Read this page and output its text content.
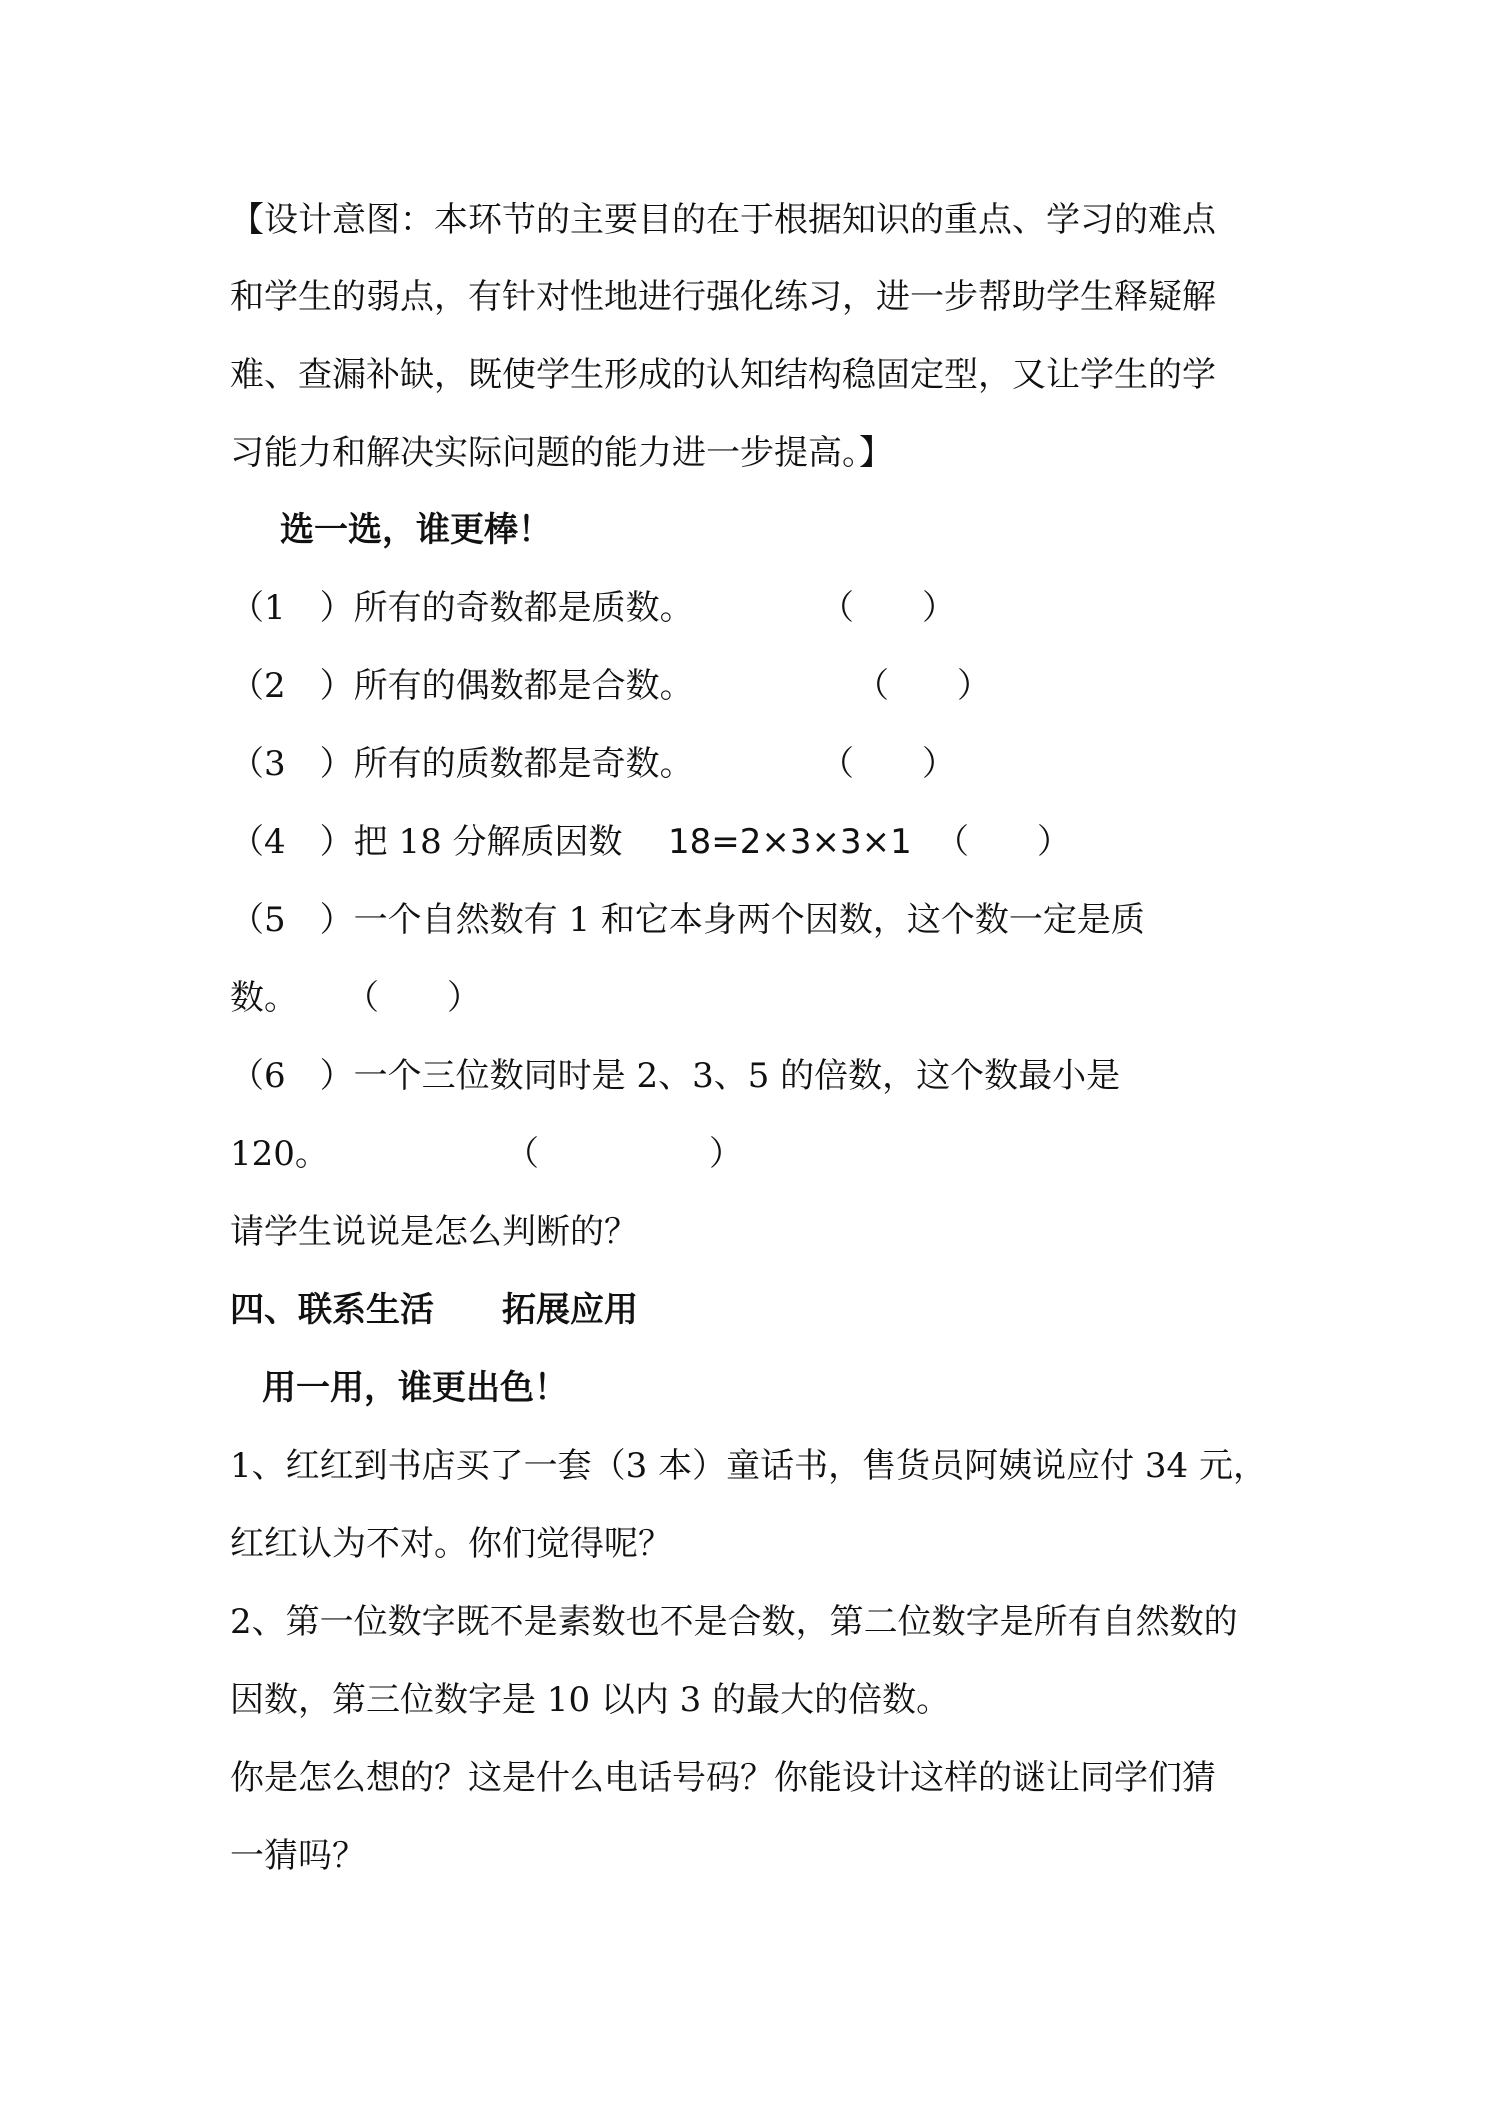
【设计意图：本环节的主要目的在于根据知识的重点、学习的难点
和学生的弱点，有针对性地进行强化练习，进一步帮助学生释疑解
难、查漏补缺，既使学生形成的认知结构稳固定型，又让学生的学
习能力和解决实际问题的能力进一步提高。】
选一选，谁更棒！
（1　）所有的奇数都是质数。	（　　）
（2　）所有的偶数都是合数。	（　　）
（3　）所有的质数都是奇数。	（　　）
（4　）把 18 分解质因数 18=2×3×3×1 （　　）
（5　）一个自然数有 1 和它本身两个因数，这个数一定是质
数。 （　　）
（6　）一个三位数同时是 2、3、5 的倍数，这个数最小是
120。	（　　　　　）
请学生说说是怎么判断的？
四、联系生活　　拓展应用
用一用，谁更出色！
1、红红到书店买了一套（3 本）童话书，售货员阿姨说应付 34 元，
红红认为不对。你们觉得呢？
2、第一位数字既不是素数也不是合数，第二位数字是所有自然数的
因数，第三位数字是 10 以内 3 的最大的倍数。
你是怎么想的？这是什么电话号码？你能设计这样的谜让同学们猜
一猜吗？
